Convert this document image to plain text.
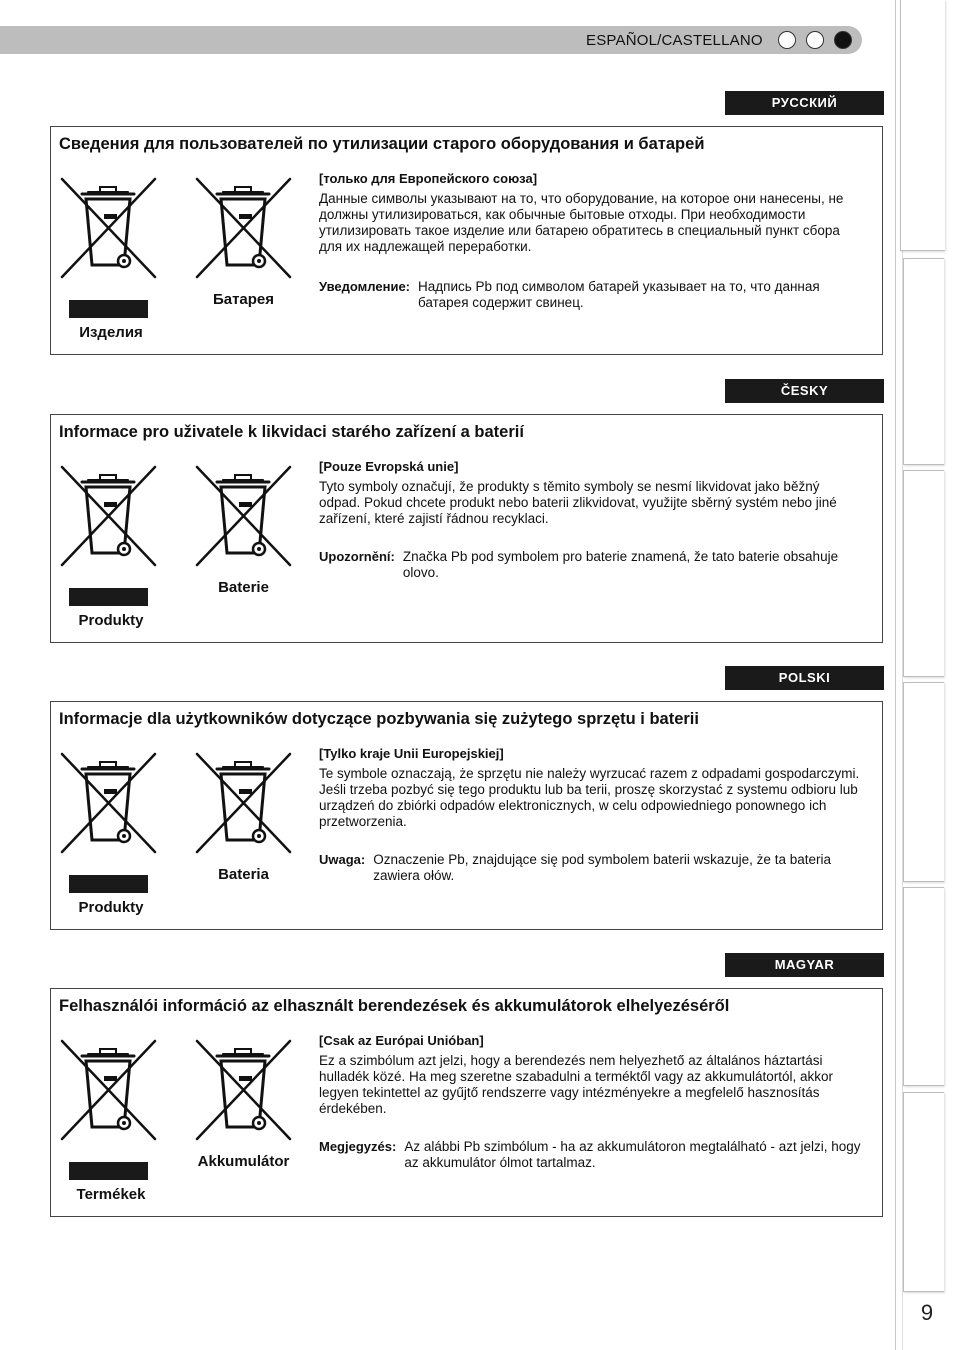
9
ESPAÑOL/CASTELLANO
РУССКИЙ
Сведения для пользователей по утилизации старого оборудования и батарей
Изделия
Батарея
[только для Европейского союза]
Данные символы указывают на то, что оборудование, на которое они нанесены, не должны утилизироваться, как обычные бытовые отходы. При необходимости утилизировать такое изделие или батарею обратитесь в специальный пункт сбора для их надлежащей переработки.
Уведомление: Надпись Pb под символом батарей указывает на то, что данная батарея содержит свинец.
ČESKY
Informace pro uživatele k likvidaci starého zařízení a baterií
Produkty
Baterie
[Pouze Evropská unie]
Tyto symboly označují, že produkty s těmito symboly se nesmí likvidovat jako běžný odpad. Pokud chcete produkt nebo baterii zlikvidovat, využijte sběrný systém nebo jiné zařízení, které zajistí řádnou recyklaci.
Upozornění: Značka Pb pod symbolem pro baterie znamená, že tato baterie obsahuje olovo.
POLSKI
Informacje dla użytkowników dotyczące pozbywania się zużytego sprzętu i baterii
Produkty
Bateria
[Tylko kraje Unii Europejskiej]
Te symbole oznaczają, że sprzętu nie należy wyrzucać razem z odpadami gospodarczymi. Jeśli trzeba pozbyć się tego produktu lub ba terii, proszę skorzystać z systemu odbioru lub urządzeń do zbiórki odpadów elektronicznych, w celu odpowiedniego ponownego ich przetworzenia.
Uwaga: Oznaczenie Pb, znajdujące się pod symbolem baterii wskazuje, że ta bateria zawiera ołów.
MAGYAR
Felhasználói információ az elhasznált berendezések és akkumulátorok elhelyezéséről
Termékek
Akkumulátor
[Csak az Európai Unióban]
Ez a szimbólum azt jelzi, hogy a berendezés nem helyezhető az általános háztartási hulladék közé. Ha meg szeretne szabadulni a terméktől vagy az akkumulátortól, akkor legyen tekintettel az gyűjtő rendszerre vagy intézményekre a megfelelő hasznosítás érdekében.
Megjegyzés: Az alábbi Pb szimbólum - ha az akkumulátoron megtalálható - azt jelzi, hogy az akkumulátor ólmot tartalmaz.
